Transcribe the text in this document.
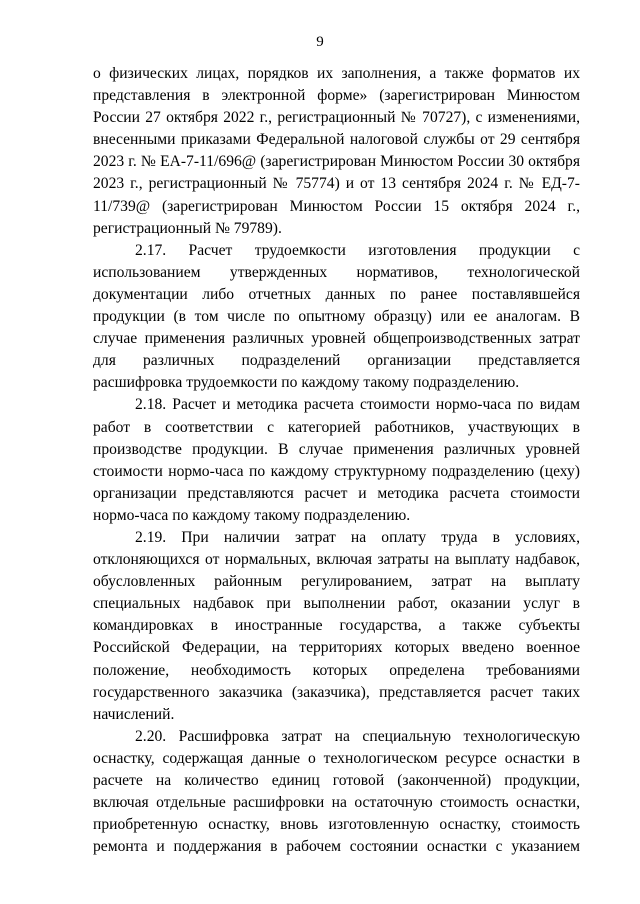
9

о физических лицах, порядков их заполнения, а также форматов их представления в электронной форме» (зарегистрирован Минюстом России 27 октября 2022 г., регистрационный № 70727), с изменениями, внесенными приказами Федеральной налоговой службы от 29 сентября 2023 г. № ЕА-7-11/696@ (зарегистрирован Минюстом России 30 октября 2023 г., регистрационный № 75774) и от 13 сентября 2024 г. № ЕД-7-11/739@ (зарегистрирован Минюстом России 15 октября 2024 г., регистрационный № 79789).

2.17. Расчет трудоемкости изготовления продукции с использованием утвержденных нормативов, технологической документации либо отчетных данных по ранее поставлявшейся продукции (в том числе по опытному образцу) или ее аналогам. В случае применения различных уровней общепроизводственных затрат для различных подразделений организации представляется расшифровка трудоемкости по каждому такому подразделению.

2.18. Расчет и методика расчета стоимости нормо-часа по видам работ в соответствии с категорией работников, участвующих в производстве продукции. В случае применения различных уровней стоимости нормо-часа по каждому структурному подразделению (цеху) организации представляются расчет и методика расчета стоимости нормо-часа по каждому такому подразделению.

2.19. При наличии затрат на оплату труда в условиях, отклоняющихся от нормальных, включая затраты на выплату надбавок, обусловленных районным регулированием, затрат на выплату специальных надбавок при выполнении работ, оказании услуг в командировках в иностранные государства, а также субъекты Российской Федерации, на территориях которых введено военное положение, необходимость которых определена требованиями государственного заказчика (заказчика), представляется расчет таких начислений.

2.20. Расшифровка затрат на специальную технологическую оснастку, содержащая данные о технологическом ресурсе оснастки в расчете на количество единиц готовой (законченной) продукции, включая отдельные расшифровки на остаточную стоимость оснастки, приобретенную оснастку, вновь изготовленную оснастку, стоимость ремонта и поддержания в рабочем состоянии оснастки с указанием
